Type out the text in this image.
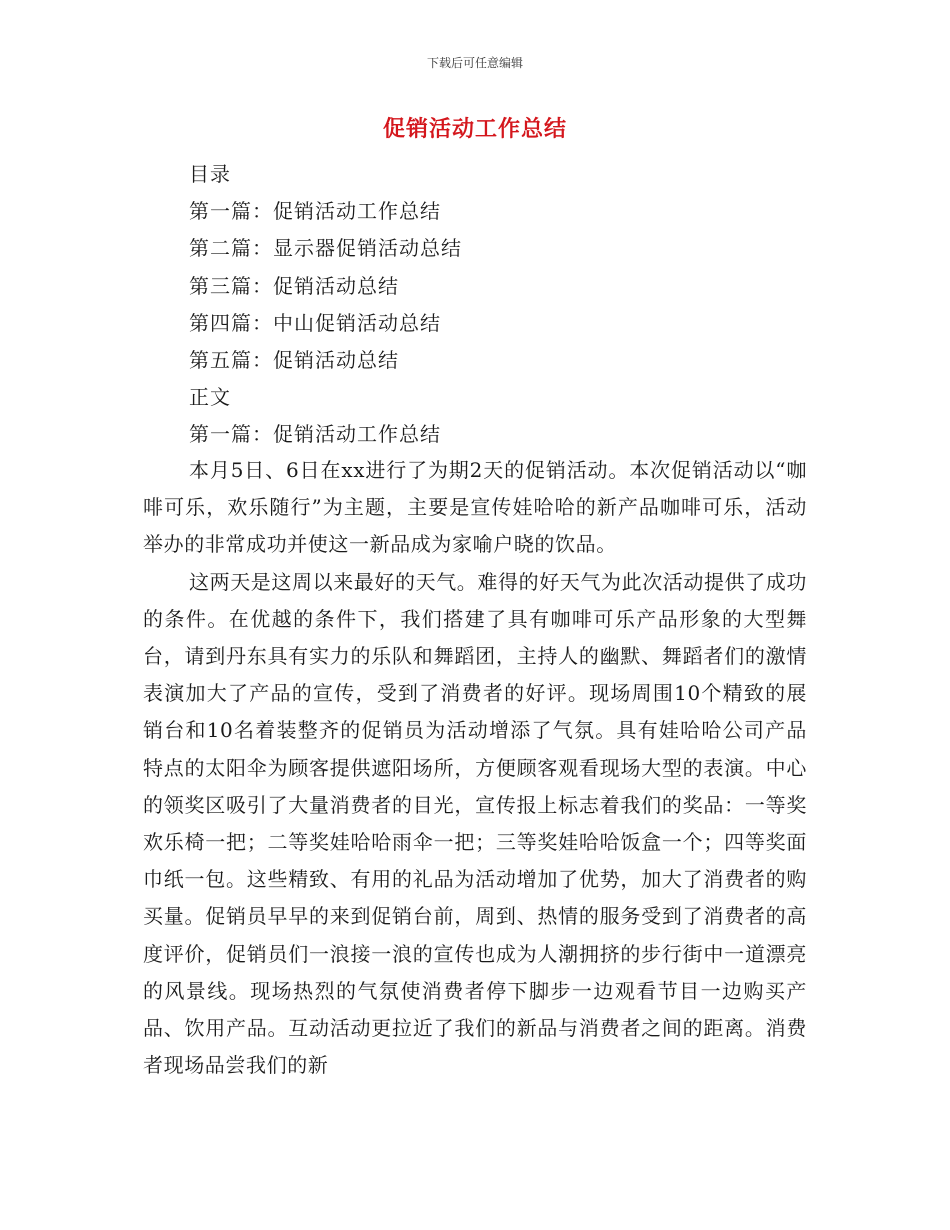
下载后可任意编辑
促销活动工作总结
目录
第一篇：促销活动工作总结
第二篇：显示器促销活动总结
第三篇：促销活动总结
第四篇：中山促销活动总结
第五篇：促销活动总结
正文
第一篇：促销活动工作总结

本月5日、6日在xx进行了为期2天的促销活动。本次促销活动以“咖啡可乐，欢乐随行”为主题，主要是宣传娃哈哈的新产品咖啡可乐，活动举办的非常成功并使这一新品成为家喻户晓的饮品。

这两天是这周以来最好的天气。难得的好天气为此次活动提供了成功的条件。在优越的条件下，我们搭建了具有咖啡可乐产品形象的大型舞台，请到丹东具有实力的乐队和舞蹈团，主持人的幽默、舞蹈者们的激情表演加大了产品的宣传，受到了消费者的好评。现场周围10个精致的展销台和10名着装整齐的促销员为活动增添了气氛。具有娃哈哈公司产品特点的太阳伞为顾客提供遮阳场所，方便顾客观看现场大型的表演。中心的领奖区吸引了大量消费者的目光，宣传报上标志着我们的奖品：一等奖欢乐椅一把；二等奖娃哈哈雨伞一把；三等奖娃哈哈饭盒一个；四等奖面巾纸一包。这些精致、有用的礼品为活动增加了优势，加大了消费者的购买量。促销员早早的来到促销台前，周到、热情的服务受到了消费者的高度评价，促销员们一浪接一浪的宣传也成为人潮拥挤的步行街中一道漂亮的风景线。现场热烈的气氛使消费者停下脚步一边观看节目一边购买产品、饮用产品。互动活动更拉近了我们的新品与消费者之间的距离。消费者现场品尝我们的新
